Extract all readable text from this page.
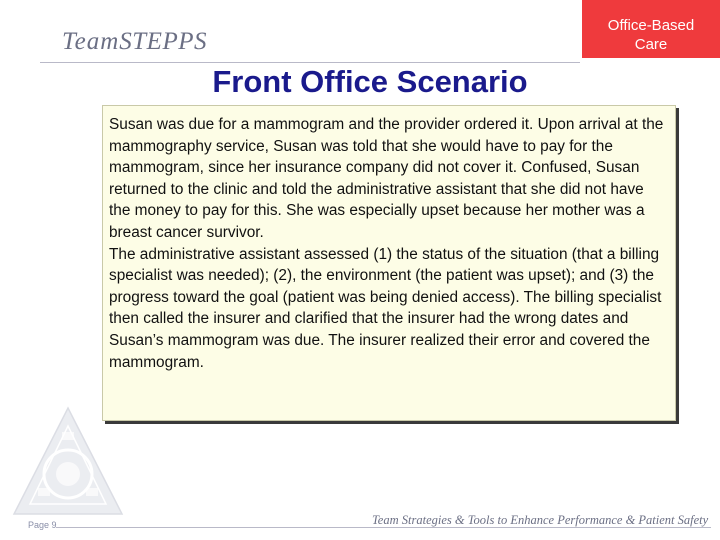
TeamSTEPPS
Office-Based
Care
Front Office Scenario

Susan was due for a mammogram and the provider ordered it. Upon arrival at the mammography service, Susan was told that she would have to pay for the mammogram, since her insurance company did not cover it. Confused, Susan returned to the clinic and told the administrative assistant that she did not have the money to pay for this. She was especially upset because her mother was a breast cancer survivor.

The administrative assistant assessed (1) the status of the situation (that a billing specialist was needed); (2), the environment (the patient was upset); and (3) the progress toward the goal (patient was being denied access). The billing specialist then called the insurer and clarified that the insurer had the wrong dates and Susan’s mammogram was due. The insurer realized their error and covered the mammogram.

Page 9	Team Strategies & Tools to Enhance Performance & Patient Safety
